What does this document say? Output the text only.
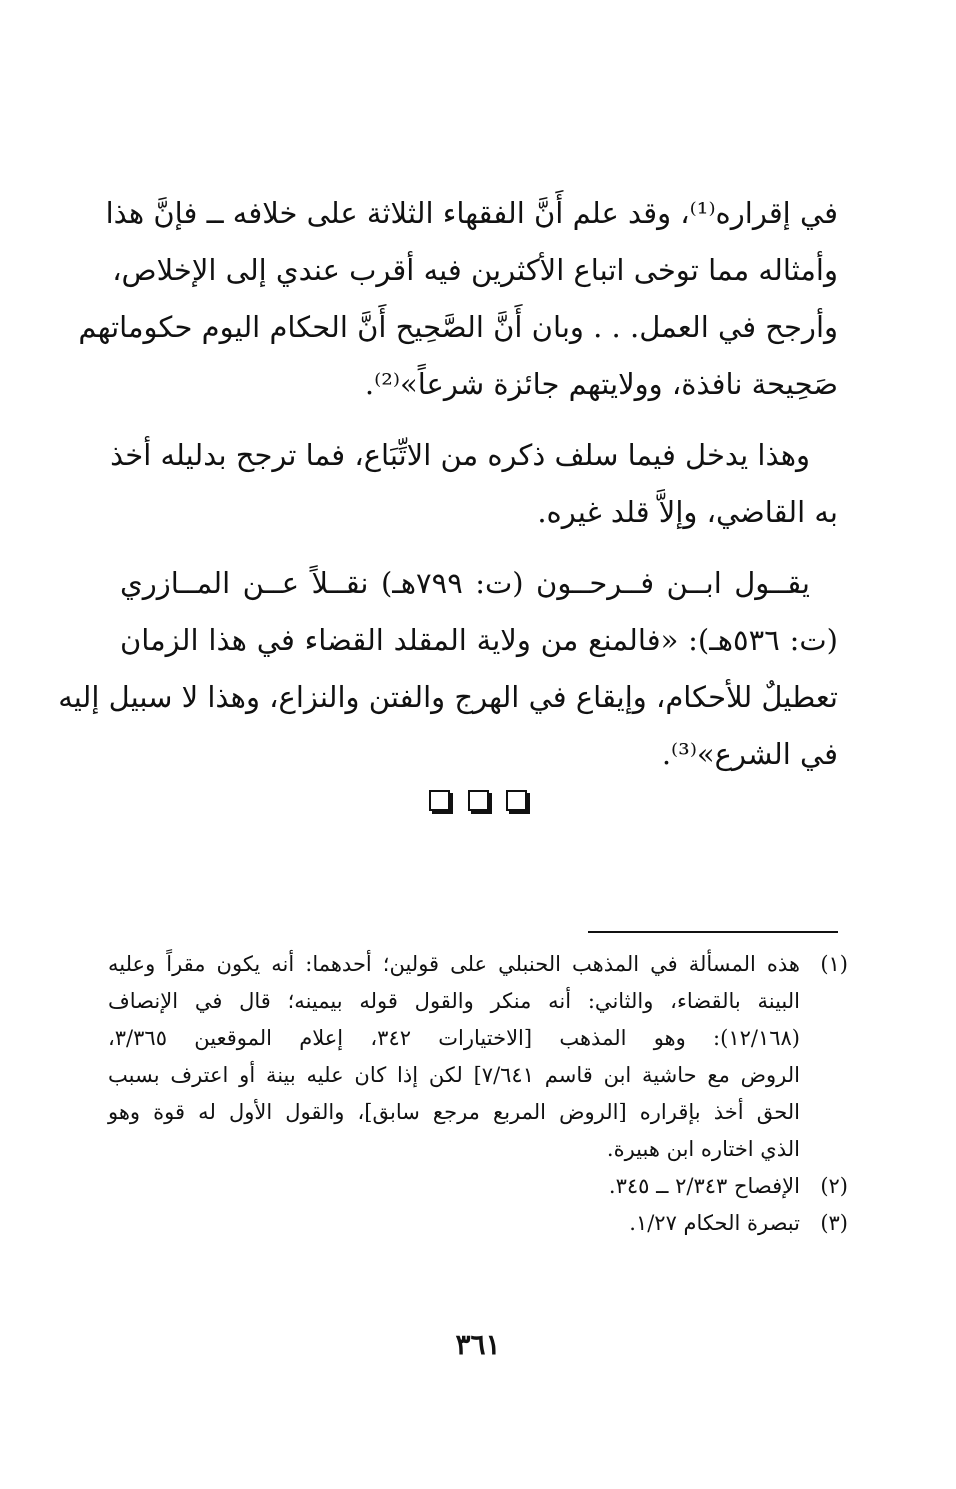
في إقراره⁽¹⁾، وقد علم أَنَّ الفقهاء الثلاثة على خلافه ــ فإنَّ هذا
وأمثاله مما توخى اتباع الأكثرين فيه أقرب عندي إلى الإخلاص،
وأرجح في العمل. . . وبان أَنَّ الصَّحِيح أَنَّ الحكام اليوم حكوماتهم
صَحِيحة نافذة، وولايتهم جائزة شرعاً»⁽²⁾.
وهذا يدخل فيما سلف ذكره من الاتِّبَاع، فما ترجح بدليله أخذ
به القاضي، وإلاَّ قلد غيره.
يقــول ابــن فــرحــون (ت: ٧٩٩هـ) نقــلاً عــن المــازري
(ت: ٥٣٦هـ): «فالمنع من ولاية المقلد القضاء في هذا الزمان
تعطيلٌ للأحكام، وإيقاع في الهرج والفتن والنزاع، وهذا لا سبيل إليه
في الشرع»⁽³⁾.

(١)
هذه المسألة في المذهب الحنبلي على قولين؛ أحدهما: أنه يكون مقراً وعليه
البينة بالقضاء، والثاني: أنه منكر والقول قوله بيمينه؛ قال في الإنصاف
(١٢/١٦٨): وهو المذهب [الاختيارات ٣٤٢، إعلام الموقعين ٣/٣٦٥،
الروض مع حاشية ابن قاسم ٧/٦٤١] لكن إذا كان عليه بينة أو اعترف بسبب
الحق أخذ بإقراره [الروض المربع مرجع سابق]، والقول الأول له قوة وهو
الذي اختاره ابن هبيرة.
(٢)
الإفصاح ٢/٣٤٣ ــ ٣٤٥.
(٣)
تبصرة الحكام ١/٢٧.
٣٦١
